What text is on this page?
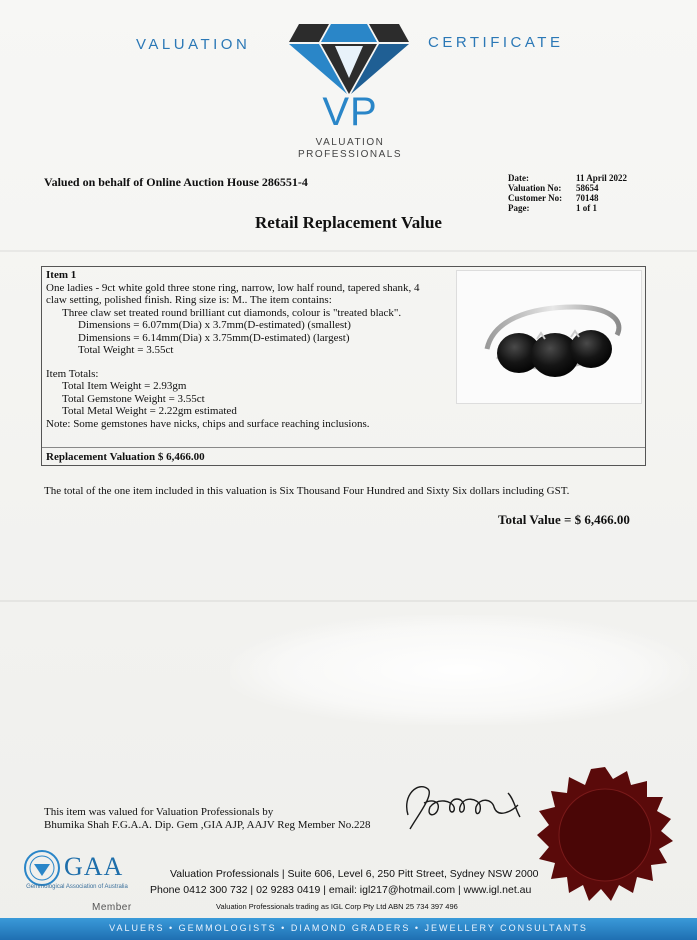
VALUATION	CERTIFICATE
VP
VALUATION
PROFESSIONALS
Valued on behalf of Online Auction House 286551-4	Date:	11 April 2022
Valuation No:	58654
Customer No:	70148
Page:	1 of 1
Retail Replacement Value
Item 1
One ladies - 9ct white gold three stone ring, narrow, low half round, tapered shank, 4
claw setting, polished finish. Ring size is: M.. The item contains:
Three claw set treated round brilliant cut diamonds, colour is "treated black".
Dimensions = 6.07mm(Dia) x 3.7mm(D-estimated) (smallest)
Dimensions = 6.14mm(Dia) x 3.75mm(D-estimated) (largest)
Total Weight = 3.55ct
Item Totals:
Total Item Weight = 2.93gm
Total Gemstone Weight = 3.55ct
Total Metal Weight = 2.22gm estimated
Note: Some gemstones have nicks, chips and surface reaching inclusions.
Replacement Valuation $ 6,466.00
The total of the one item included in this valuation is Six Thousand Four Hundred and Sixty Six dollars including GST.
Total Value = $ 6,466.00
This item was valued for Valuation Professionals by
Bhumika Shah F.G.A.A. Dip. Gem ,GIA AJP, AAJV Reg Member No.228
GAA
Gemmological Association of Australia
Member
Valuation Professionals | Suite 606, Level 6, 250 Pitt Street, Sydney NSW 2000
Phone 0412 300 732 | 02 9283 0419 | email: igl217@hotmail.com | www.igl.net.au
Valuation Professionals trading as IGL Corp Pty Ltd ABN 25 734 397 496
VALUERS • GEMMOLOGISTS • DIAMOND GRADERS • JEWELLERY CONSULTANTS
